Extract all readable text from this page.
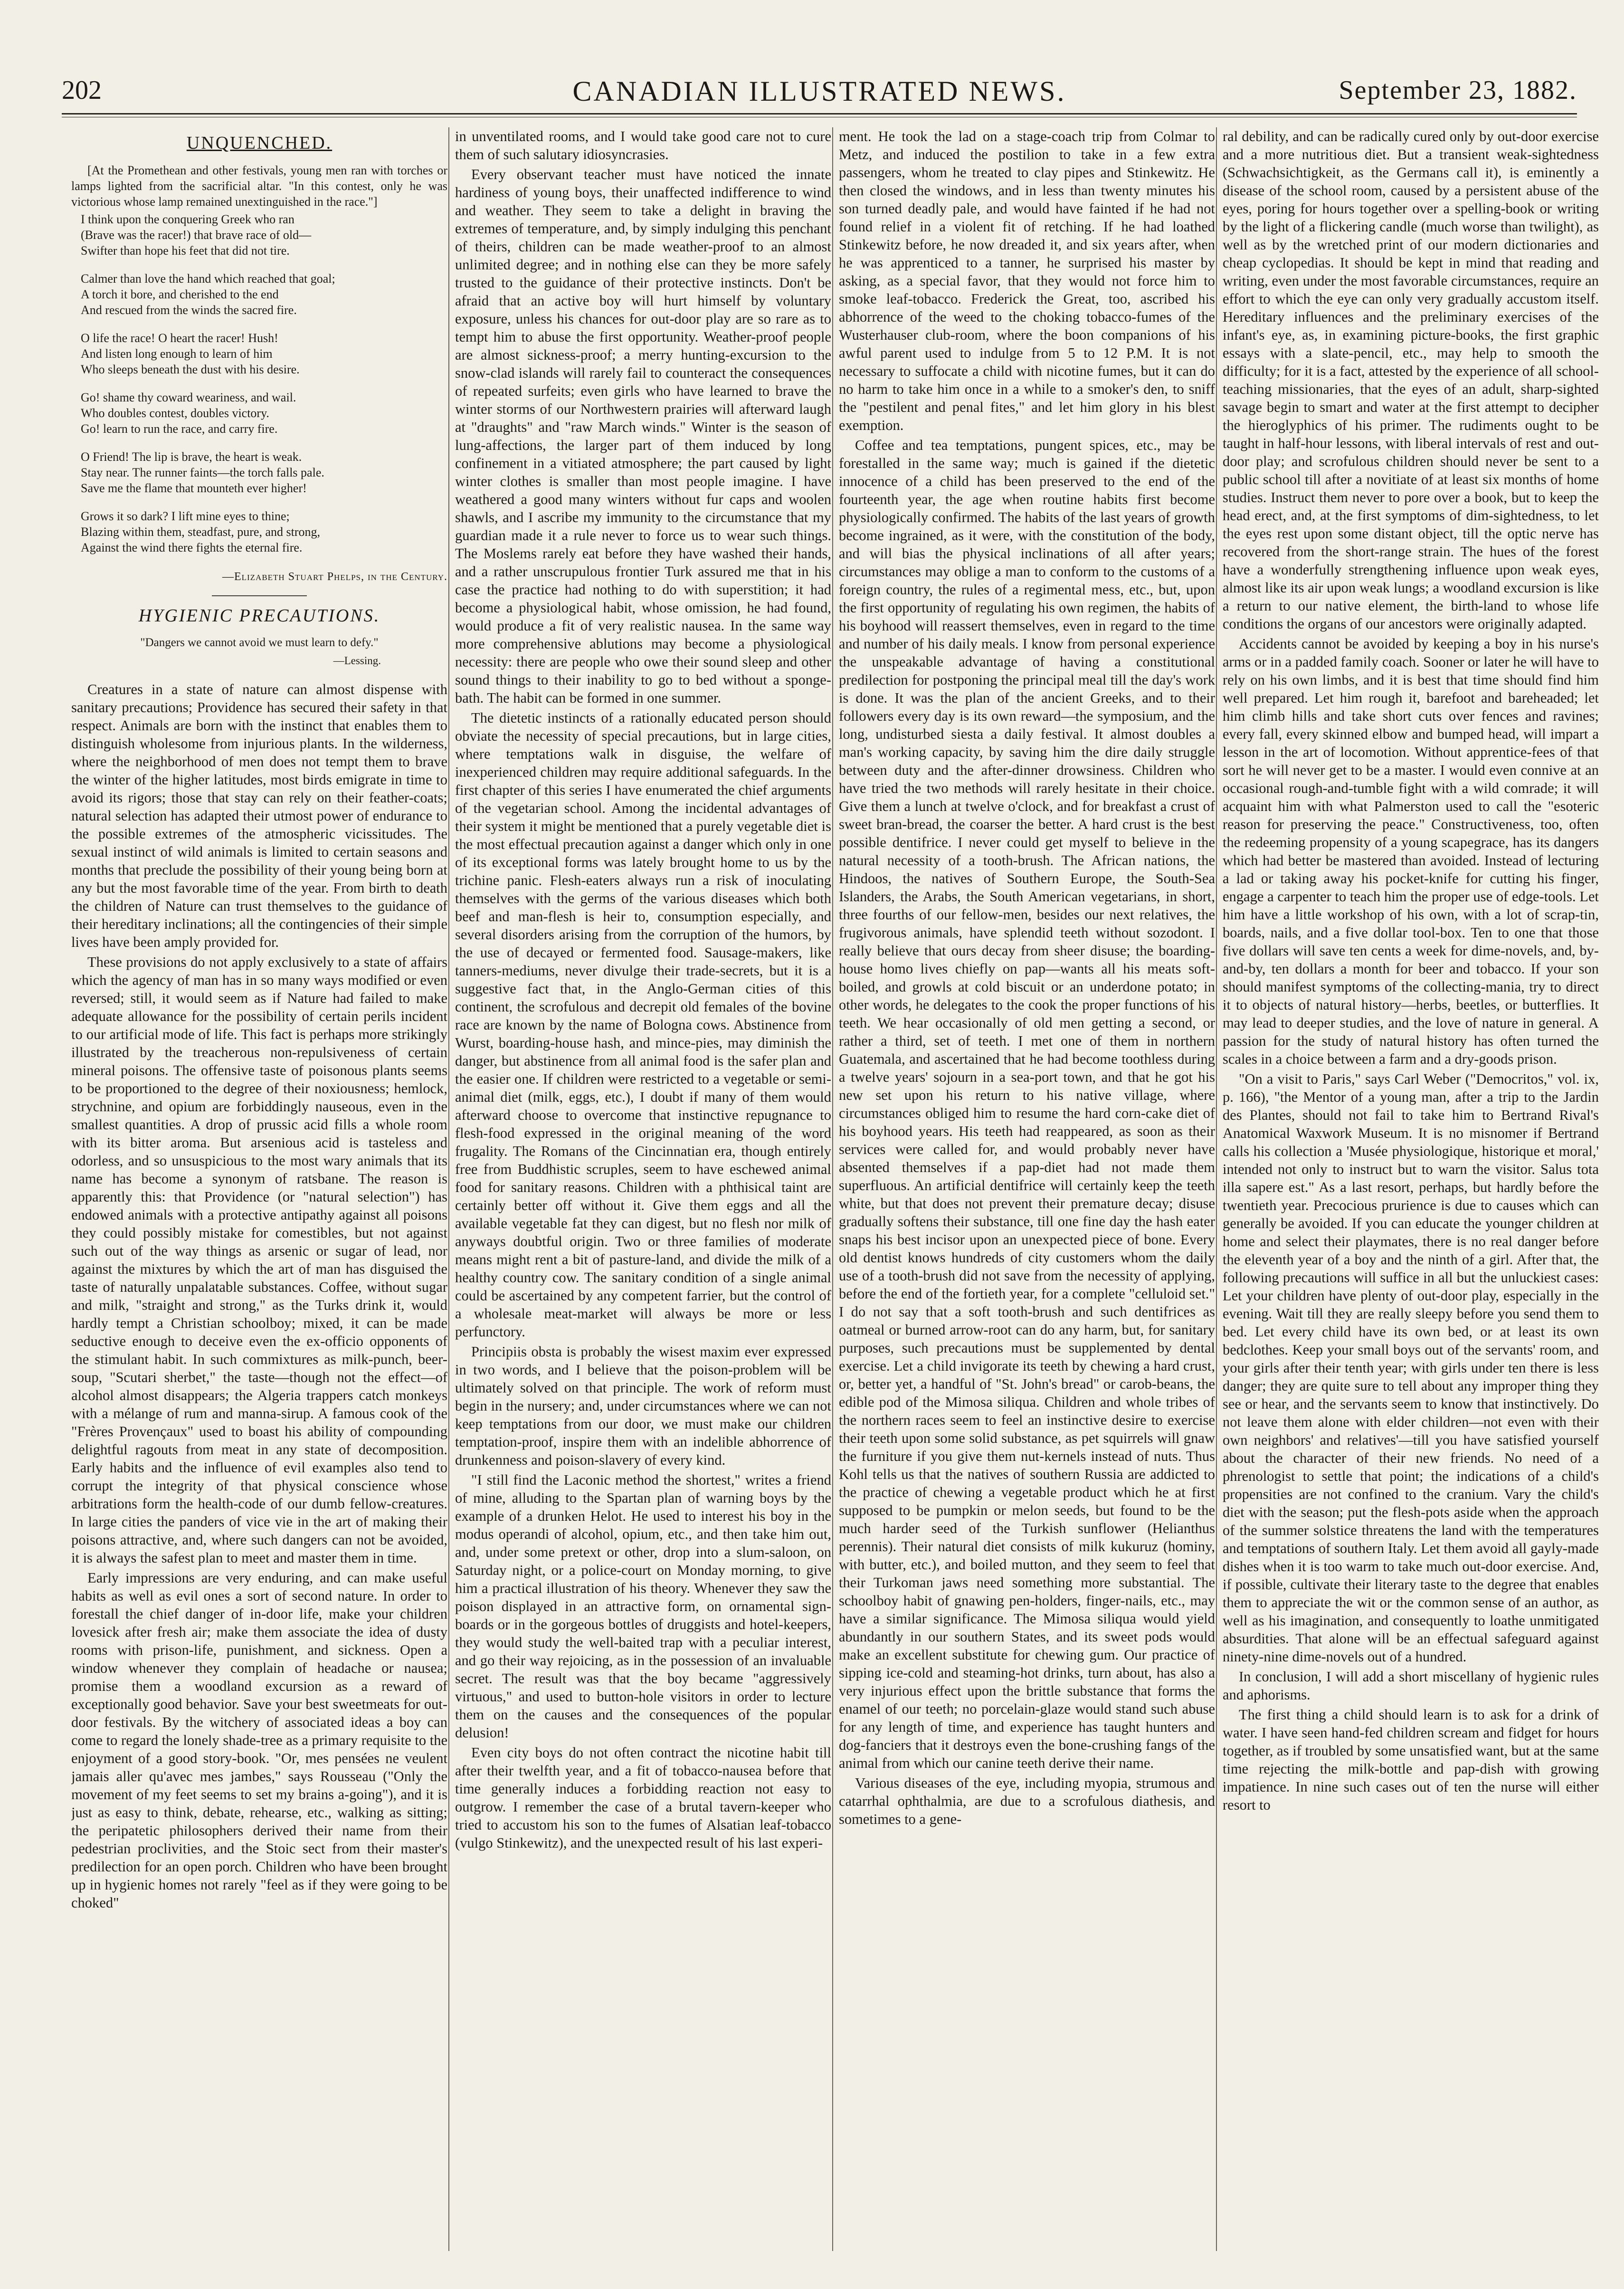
202	CANADIAN ILLUSTRATED NEWS.	September 23, 1882.
UNQUENCHED.

[At the Promethean and other festivals, young men ran with torches or lamps lighted from the sacrificial altar. "In this contest, only he was victorious whose lamp remained unextinguished in the race."]

I think upon the conquering Greek who ran
(Brave was the racer!) that brave race of old—
Swifter than hope his feet that did not tire.
Calmer than love the hand which reached that goal;
A torch it bore, and cherished to the end
And rescued from the winds the sacred fire.
O life the race! O heart the racer! Hush!
And listen long enough to learn of him
Who sleeps beneath the dust with his desire.
Go! shame thy coward weariness, and wail.
Who doubles contest, doubles victory.
Go! learn to run the race, and carry fire.
O Friend! The lip is brave, the heart is weak.
Stay near. The runner faints—the torch falls pale.
Save me the flame that mounteth ever higher!
Grows it so dark? I lift mine eyes to thine;
Blazing within them, steadfast, pure, and strong,
Against the wind there fights the eternal fire.
—Elizabeth Stuart Phelps, in the Century.
HYGIENIC PRECAUTIONS.
"Dangers we cannot avoid we must learn to defy."
—Lessing.

Creatures in a state of nature can almost dispense with sanitary precautions; Providence has secured their safety in that respect. Animals are born with the instinct that enables them to distinguish wholesome from injurious plants. In the wilderness, where the neighborhood of men does not tempt them to brave the winter of the higher latitudes, most birds emigrate in time to avoid its rigors; those that stay can rely on their feather-coats; natural selection has adapted their utmost power of endurance to the possible extremes of the atmospheric vicissitudes. The sexual instinct of wild animals is limited to certain seasons and months that preclude the possibility of their young being born at any but the most favorable time of the year. From birth to death the children of Nature can trust themselves to the guidance of their hereditary inclinations; all the contingencies of their simple lives have been amply provided for.

These provisions do not apply exclusively to a state of affairs which the agency of man has in so many ways modified or even reversed; still, it would seem as if Nature had failed to make adequate allowance for the possibility of certain perils incident to our artificial mode of life. This fact is perhaps more strikingly illustrated by the treacherous non-repulsiveness of certain mineral poisons. The offensive taste of poisonous plants seems to be proportioned to the degree of their noxiousness; hemlock, strychnine, and opium are forbiddingly nauseous, even in the smallest quantities. A drop of prussic acid fills a whole room with its bitter aroma. But arsenious acid is tasteless and odorless, and so unsuspicious to the most wary animals that its name has become a synonym of ratsbane. The reason is apparently this: that Providence (or "natural selection") has endowed animals with a protective antipathy against all poisons they could possibly mistake for comestibles, but not against such out of the way things as arsenic or sugar of lead, nor against the mixtures by which the art of man has disguised the taste of naturally unpalatable substances. Coffee, without sugar and milk, "straight and strong," as the Turks drink it, would hardly tempt a Christian schoolboy; mixed, it can be made seductive enough to deceive even the ex-officio opponents of the stimulant habit. In such commixtures as milk-punch, beer-soup, "Scutari sherbet," the taste—though not the effect—of alcohol almost disappears; the Algeria trappers catch monkeys with a mélange of rum and manna-sirup. A famous cook of the "Frères Provençaux" used to boast his ability of compounding delightful ragouts from meat in any state of decomposition. Early habits and the influence of evil examples also tend to corrupt the integrity of that physical conscience whose arbitrations form the health-code of our dumb fellow-creatures. In large cities the panders of vice vie in the art of making their poisons attractive, and, where such dangers can not be avoided, it is always the safest plan to meet and master them in time.

Early impressions are very enduring, and can make useful habits as well as evil ones a sort of second nature. In order to forestall the chief danger of in-door life, make your children lovesick after fresh air; make them associate the idea of dusty rooms with prison-life, punishment, and sickness. Open a window whenever they complain of headache or nausea; promise them a woodland excursion as a reward of exceptionally good behavior. Save your best sweetmeats for out-door festivals. By the witchery of associated ideas a boy can come to regard the lonely shade-tree as a primary requisite to the enjoyment of a good story-book. "Or, mes pensées ne veulent jamais aller qu'avec mes jambes," says Rousseau ("Only the movement of my feet seems to set my brains a-going"), and it is just as easy to think, debate, rehearse, etc., walking as sitting; the peripatetic philosophers derived their name from their pedestrian proclivities, and the Stoic sect from their master's predilection for an open porch. Children who have been brought up in hygienic homes not rarely "feel as if they were going to be choked"

in unventilated rooms, and I would take good care not to cure them of such salutary idiosyncrasies.

Every observant teacher must have noticed the innate hardiness of young boys, their unaffected indifference to wind and weather. They seem to take a delight in braving the extremes of temperature, and, by simply indulging this penchant of theirs, children can be made weather-proof to an almost unlimited degree; and in nothing else can they be more safely trusted to the guidance of their protective instincts. Don't be afraid that an active boy will hurt himself by voluntary exposure, unless his chances for out-door play are so rare as to tempt him to abuse the first opportunity. Weather-proof people are almost sickness-proof; a merry hunting-excursion to the snow-clad islands will rarely fail to counteract the consequences of repeated surfeits; even girls who have learned to brave the winter storms of our Northwestern prairies will afterward laugh at "draughts" and "raw March winds." Winter is the season of lung-affections, the larger part of them induced by long confinement in a vitiated atmosphere; the part caused by light winter clothes is smaller than most people imagine. I have weathered a good many winters without fur caps and woolen shawls, and I ascribe my immunity to the circumstance that my guardian made it a rule never to force us to wear such things. The Moslems rarely eat before they have washed their hands, and a rather unscrupulous frontier Turk assured me that in his case the practice had nothing to do with superstition; it had become a physiological habit, whose omission, he had found, would produce a fit of very realistic nausea. In the same way more comprehensive ablutions may become a physiological necessity: there are people who owe their sound sleep and other sound things to their inability to go to bed without a sponge-bath. The habit can be formed in one summer.

The dietetic instincts of a rationally educated person should obviate the necessity of special precautions, but in large cities, where temptations walk in disguise, the welfare of inexperienced children may require additional safeguards. In the first chapter of this series I have enumerated the chief arguments of the vegetarian school. Among the incidental advantages of their system it might be mentioned that a purely vegetable diet is the most effectual precaution against a danger which only in one of its exceptional forms was lately brought home to us by the trichine panic. Flesh-eaters always run a risk of inoculating themselves with the germs of the various diseases which both beef and man-flesh is heir to, consumption especially, and several disorders arising from the corruption of the humors, by the use of decayed or fermented food. Sausage-makers, like tanners-mediums, never divulge their trade-secrets, but it is a suggestive fact that, in the Anglo-German cities of this continent, the scrofulous and decrepit old females of the bovine race are known by the name of Bologna cows. Abstinence from Wurst, boarding-house hash, and mince-pies, may diminish the danger, but abstinence from all animal food is the safer plan and the easier one. If children were restricted to a vegetable or semi-animal diet (milk, eggs, etc.), I doubt if many of them would afterward choose to overcome that instinctive repugnance to flesh-food expressed in the original meaning of the word frugality. The Romans of the Cincinnatian era, though entirely free from Buddhistic scruples, seem to have eschewed animal food for sanitary reasons. Children with a phthisical taint are certainly better off without it. Give them eggs and all the available vegetable fat they can digest, but no flesh nor milk of anyways doubtful origin. Two or three families of moderate means might rent a bit of pasture-land, and divide the milk of a healthy country cow. The sanitary condition of a single animal could be ascertained by any competent farrier, but the control of a wholesale meat-market will always be more or less perfunctory.

Principiis obsta is probably the wisest maxim ever expressed in two words, and I believe that the poison-problem will be ultimately solved on that principle. The work of reform must begin in the nursery; and, under circumstances where we can not keep temptations from our door, we must make our children temptation-proof, inspire them with an indelible abhorrence of drunkenness and poison-slavery of every kind.

"I still find the Laconic method the shortest," writes a friend of mine, alluding to the Spartan plan of warning boys by the example of a drunken Helot. He used to interest his boy in the modus operandi of alcohol, opium, etc., and then take him out, and, under some pretext or other, drop into a slum-saloon, on Saturday night, or a police-court on Monday morning, to give him a practical illustration of his theory. Whenever they saw the poison displayed in an attractive form, on ornamental sign-boards or in the gorgeous bottles of druggists and hotel-keepers, they would study the well-baited trap with a peculiar interest, and go their way rejoicing, as in the possession of an invaluable secret. The result was that the boy became "aggressively virtuous," and used to button-hole visitors in order to lecture them on the causes and the consequences of the popular delusion!

Even city boys do not often contract the nicotine habit till after their twelfth year, and a fit of tobacco-nausea before that time generally induces a forbidding reaction not easy to outgrow. I remember the case of a brutal tavern-keeper who tried to accustom his son to the fumes of Alsatian leaf-tobacco (vulgo Stinkewitz), and the unexpected result of his last experi-

ment. He took the lad on a stage-coach trip from Colmar to Metz, and induced the postilion to take in a few extra passengers, whom he treated to clay pipes and Stinkewitz. He then closed the windows, and in less than twenty minutes his son turned deadly pale, and would have fainted if he had not found relief in a violent fit of retching. If he had loathed Stinkewitz before, he now dreaded it, and six years after, when he was apprenticed to a tanner, he surprised his master by asking, as a special favor, that they would not force him to smoke leaf-tobacco. Frederick the Great, too, ascribed his abhorrence of the weed to the choking tobacco-fumes of the Wusterhauser club-room, where the boon companions of his awful parent used to indulge from 5 to 12 P.M. It is not necessary to suffocate a child with nicotine fumes, but it can do no harm to take him once in a while to a smoker's den, to sniff the "pestilent and penal fites," and let him glory in his blest exemption.

Coffee and tea temptations, pungent spices, etc., may be forestalled in the same way; much is gained if the dietetic innocence of a child has been preserved to the end of the fourteenth year, the age when routine habits first become physiologically confirmed. The habits of the last years of growth become ingrained, as it were, with the constitution of the body, and will bias the physical inclinations of all after years; circumstances may oblige a man to conform to the customs of a foreign country, the rules of a regimental mess, etc., but, upon the first opportunity of regulating his own regimen, the habits of his boyhood will reassert themselves, even in regard to the time and number of his daily meals. I know from personal experience the unspeakable advantage of having a constitutional predilection for postponing the principal meal till the day's work is done. It was the plan of the ancient Greeks, and to their followers every day is its own reward—the symposium, and the long, undisturbed siesta a daily festival. It almost doubles a man's working capacity, by saving him the dire daily struggle between duty and the after-dinner drowsiness. Children who have tried the two methods will rarely hesitate in their choice. Give them a lunch at twelve o'clock, and for breakfast a crust of sweet bran-bread, the coarser the better. A hard crust is the best possible dentifrice. I never could get myself to believe in the natural necessity of a tooth-brush. The African nations, the Hindoos, the natives of Southern Europe, the South-Sea Islanders, the Arabs, the South American vegetarians, in short, three fourths of our fellow-men, besides our next relatives, the frugivorous animals, have splendid teeth without sozodont. I really believe that ours decay from sheer disuse; the boarding-house homo lives chiefly on pap—wants all his meats soft-boiled, and growls at cold biscuit or an underdone potato; in other words, he delegates to the cook the proper functions of his teeth. We hear occasionally of old men getting a second, or rather a third, set of teeth. I met one of them in northern Guatemala, and ascertained that he had become toothless during a twelve years' sojourn in a sea-port town, and that he got his new set upon his return to his native village, where circumstances obliged him to resume the hard corn-cake diet of his boyhood years. His teeth had reappeared, as soon as their services were called for, and would probably never have absented themselves if a pap-diet had not made them superfluous. An artificial dentifrice will certainly keep the teeth white, but that does not prevent their premature decay; disuse gradually softens their substance, till one fine day the hash eater snaps his best incisor upon an unexpected piece of bone. Every old dentist knows hundreds of city customers whom the daily use of a tooth-brush did not save from the necessity of applying, before the end of the fortieth year, for a complete "celluloid set." I do not say that a soft tooth-brush and such dentifrices as oatmeal or burned arrow-root can do any harm, but, for sanitary purposes, such precautions must be supplemented by dental exercise. Let a child invigorate its teeth by chewing a hard crust, or, better yet, a handful of "St. John's bread" or carob-beans, the edible pod of the Mimosa siliqua. Children and whole tribes of the northern races seem to feel an instinctive desire to exercise their teeth upon some solid substance, as pet squirrels will gnaw the furniture if you give them nut-kernels instead of nuts. Thus Kohl tells us that the natives of southern Russia are addicted to the practice of chewing a vegetable product which he at first supposed to be pumpkin or melon seeds, but found to be the much harder seed of the Turkish sunflower (Helianthus perennis). Their natural diet consists of milk kukuruz (hominy, with butter, etc.), and boiled mutton, and they seem to feel that their Turkoman jaws need something more substantial. The schoolboy habit of gnawing pen-holders, finger-nails, etc., may have a similar significance. The Mimosa siliqua would yield abundantly in our southern States, and its sweet pods would make an excellent substitute for chewing gum. Our practice of sipping ice-cold and steaming-hot drinks, turn about, has also a very injurious effect upon the brittle substance that forms the enamel of our teeth; no porcelain-glaze would stand such abuse for any length of time, and experience has taught hunters and dog-fanciers that it destroys even the bone-crushing fangs of the animal from which our canine teeth derive their name.

Various diseases of the eye, including myopia, strumous and catarrhal ophthalmia, are due to a scrofulous diathesis, and sometimes to a gene-

ral debility, and can be radically cured only by out-door exercise and a more nutritious diet. But a transient weak-sightedness (Schwachsichtigkeit, as the Germans call it), is eminently a disease of the school room, caused by a persistent abuse of the eyes, poring for hours together over a spelling-book or writing by the light of a flickering candle (much worse than twilight), as well as by the wretched print of our modern dictionaries and cheap cyclopedias. It should be kept in mind that reading and writing, even under the most favorable circumstances, require an effort to which the eye can only very gradually accustom itself. Hereditary influences and the preliminary exercises of the infant's eye, as, in examining picture-books, the first graphic essays with a slate-pencil, etc., may help to smooth the difficulty; for it is a fact, attested by the experience of all school-teaching missionaries, that the eyes of an adult, sharp-sighted savage begin to smart and water at the first attempt to decipher the hieroglyphics of his primer. The rudiments ought to be taught in half-hour lessons, with liberal intervals of rest and out-door play; and scrofulous children should never be sent to a public school till after a novitiate of at least six months of home studies. Instruct them never to pore over a book, but to keep the head erect, and, at the first symptoms of dim-sightedness, to let the eyes rest upon some distant object, till the optic nerve has recovered from the short-range strain. The hues of the forest have a wonderfully strengthening influence upon weak eyes, almost like its air upon weak lungs; a woodland excursion is like a return to our native element, the birth-land to whose life conditions the organs of our ancestors were originally adapted.

Accidents cannot be avoided by keeping a boy in his nurse's arms or in a padded family coach. Sooner or later he will have to rely on his own limbs, and it is best that time should find him well prepared. Let him rough it, barefoot and bareheaded; let him climb hills and take short cuts over fences and ravines; every fall, every skinned elbow and bumped head, will impart a lesson in the art of locomotion. Without apprentice-fees of that sort he will never get to be a master. I would even connive at an occasional rough-and-tumble fight with a wild comrade; it will acquaint him with what Palmerston used to call the "esoteric reason for preserving the peace." Constructiveness, too, often the redeeming propensity of a young scapegrace, has its dangers which had better be mastered than avoided. Instead of lecturing a lad or taking away his pocket-knife for cutting his finger, engage a carpenter to teach him the proper use of edge-tools. Let him have a little workshop of his own, with a lot of scrap-tin, boards, nails, and a five dollar tool-box. Ten to one that those five dollars will save ten cents a week for dime-novels, and, by-and-by, ten dollars a month for beer and tobacco. If your son should manifest symptoms of the collecting-mania, try to direct it to objects of natural history—herbs, beetles, or butterflies. It may lead to deeper studies, and the love of nature in general. A passion for the study of natural history has often turned the scales in a choice between a farm and a dry-goods prison.

"On a visit to Paris," says Carl Weber ("Democritos," vol. ix, p. 166), "the Mentor of a young man, after a trip to the Jardin des Plantes, should not fail to take him to Bertrand Rival's Anatomical Waxwork Museum. It is no misnomer if Bertrand calls his collection a 'Musée physiologique, historique et moral,' intended not only to instruct but to warn the visitor. Salus tota illa sapere est." As a last resort, perhaps, but hardly before the twentieth year. Precocious prurience is due to causes which can generally be avoided. If you can educate the younger children at home and select their playmates, there is no real danger before the eleventh year of a boy and the ninth of a girl. After that, the following precautions will suffice in all but the unluckiest cases: Let your children have plenty of out-door play, especially in the evening. Wait till they are really sleepy before you send them to bed. Let every child have its own bed, or at least its own bedclothes. Keep your small boys out of the servants' room, and your girls after their tenth year; with girls under ten there is less danger; they are quite sure to tell about any improper thing they see or hear, and the servants seem to know that instinctively. Do not leave them alone with elder children—not even with their own neighbors' and relatives'—till you have satisfied yourself about the character of their new friends. No need of a phrenologist to settle that point; the indications of a child's propensities are not confined to the cranium. Vary the child's diet with the season; put the flesh-pots aside when the approach of the summer solstice threatens the land with the temperatures and temptations of southern Italy. Let them avoid all gayly-made dishes when it is too warm to take much out-door exercise. And, if possible, cultivate their literary taste to the degree that enables them to appreciate the wit or the common sense of an author, as well as his imagination, and consequently to loathe unmitigated absurdities. That alone will be an effectual safeguard against ninety-nine dime-novels out of a hundred.

In conclusion, I will add a short miscellany of hygienic rules and aphorisms.

The first thing a child should learn is to ask for a drink of water. I have seen hand-fed children scream and fidget for hours together, as if troubled by some unsatisfied want, but at the same time rejecting the milk-bottle and pap-dish with growing impatience. In nine such cases out of ten the nurse will either resort to
